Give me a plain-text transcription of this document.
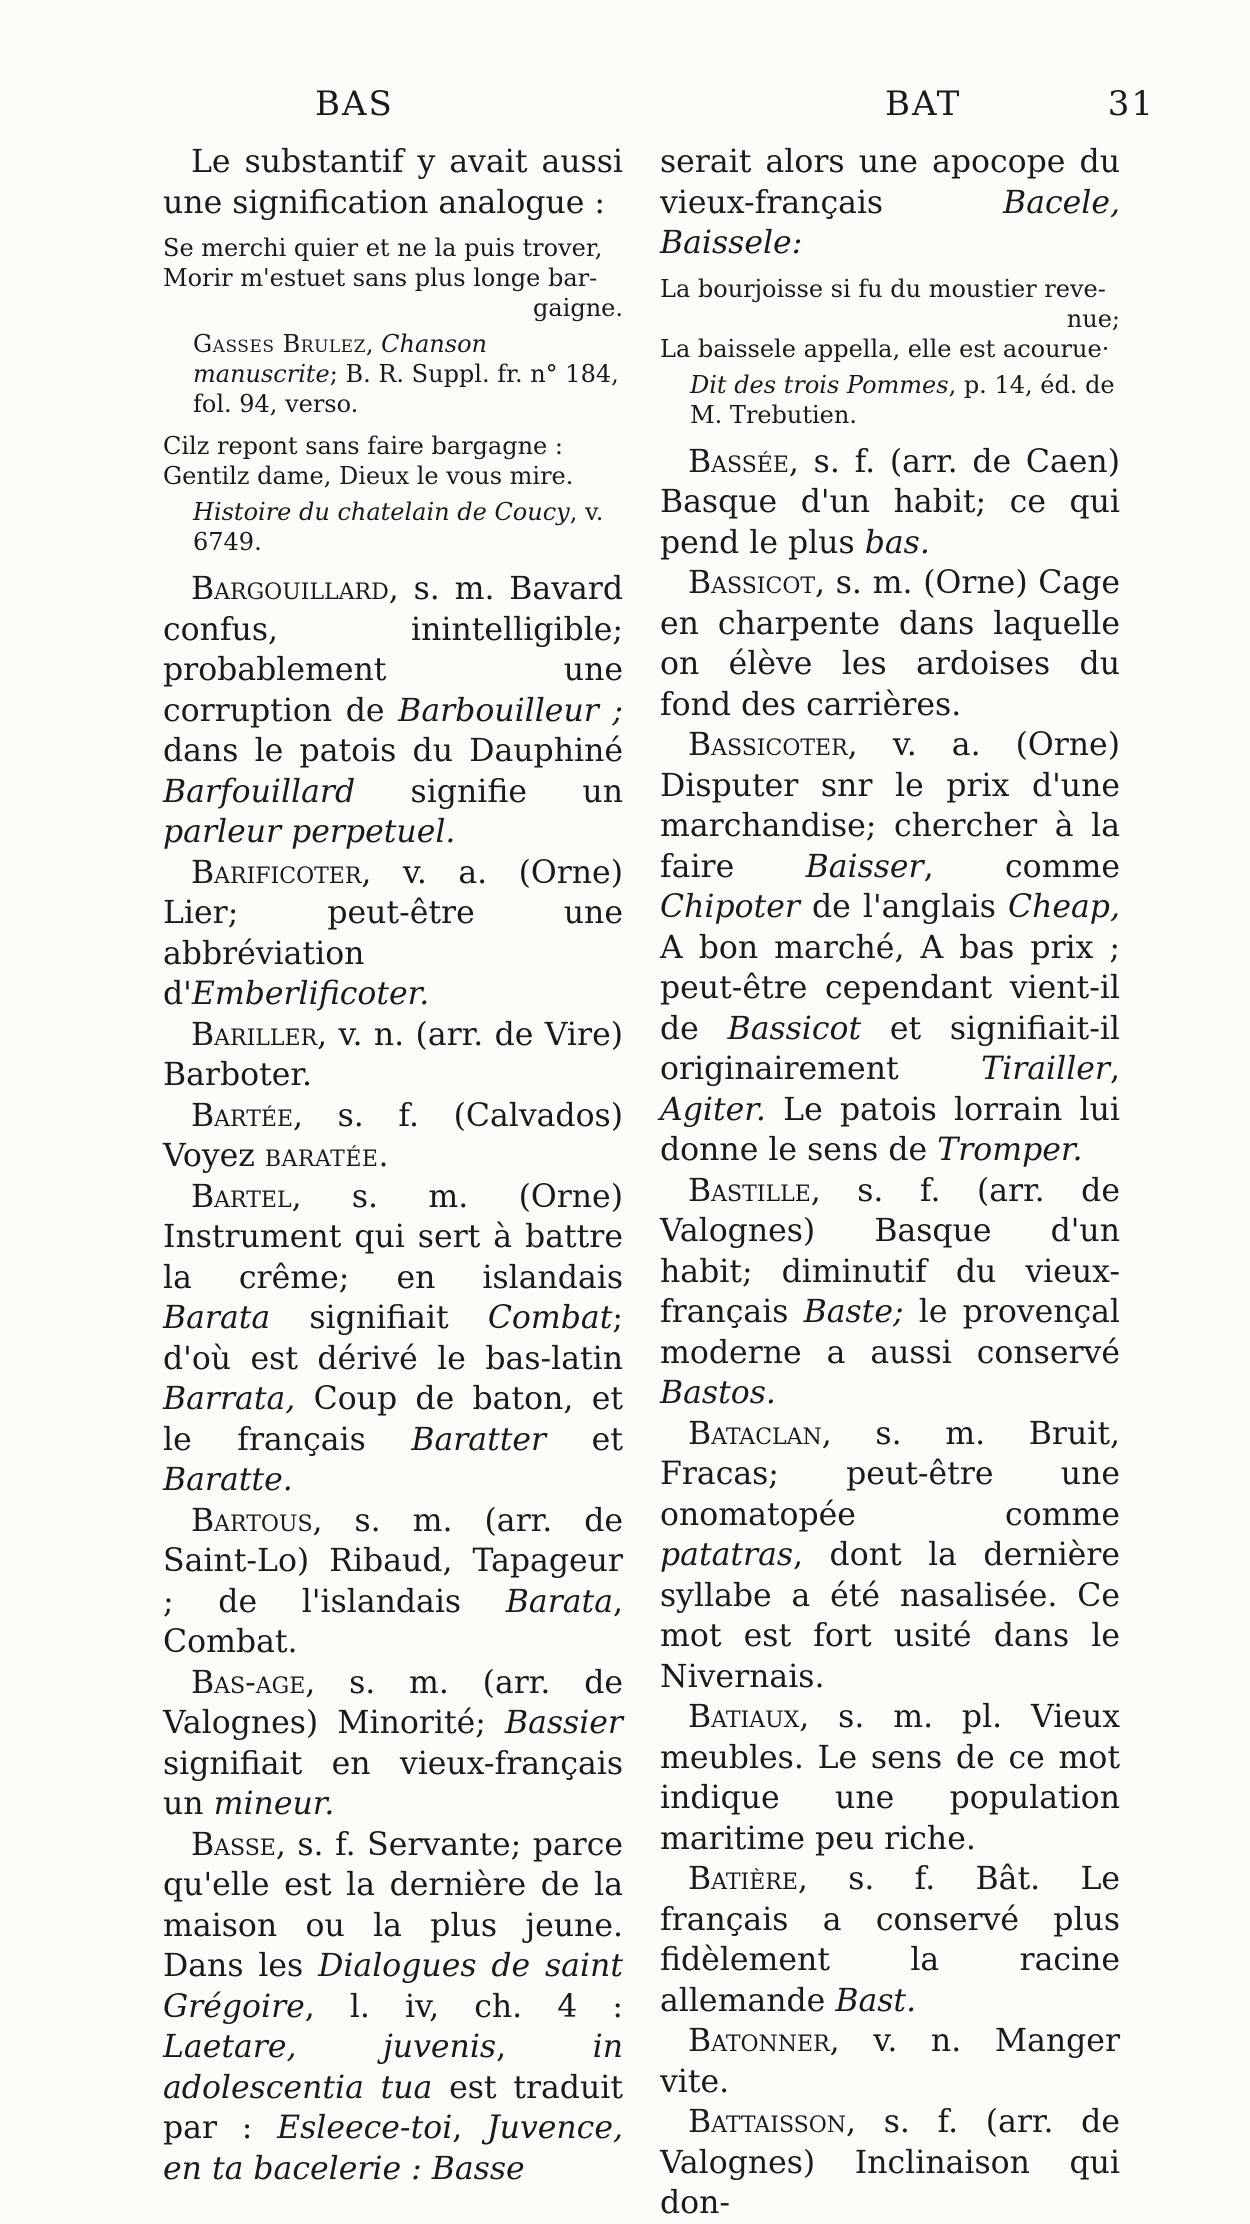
BAS	BAT	31

Le substantif y avait aussi une signification analogue :

Se merchi quier et ne la puis trover,
Morir m'estuet sans plus longe bar-
gaigne.
Gasses Brulez, Chanson manuscrite; B. R. Suppl. fr. n° 184, fol. 94, verso.
Cilz repont sans faire bargagne :
Gentilz dame, Dieux le vous mire.
Histoire du chatelain de Coucy, v. 6749.

Bargouillard, s. m. Bavard confus, inintelligible; probablement une corruption de Barbouilleur ; dans le patois du Dauphiné Barfouillard signifie un parleur perpetuel.

Barificoter, v. a. (Orne) Lier; peut-être une abbréviation d'Emberlificoter.

Bariller, v. n. (arr. de Vire) Barboter.

Bartée, s. f. (Calvados) Voyez baratée.

Bartel, s. m. (Orne) Instrument qui sert à battre la crême; en islandais Barata signifiait Combat; d'où est dérivé le bas-latin Barrata, Coup de baton, et le français Baratter et Baratte.

Bartous, s. m. (arr. de Saint-Lo) Ribaud, Tapageur ; de l'islandais Barata, Combat.

Bas-age, s. m. (arr. de Valognes) Minorité; Bassier signifiait en vieux-français un mineur.

Basse, s. f. Servante; parce qu'elle est la dernière de la maison ou la plus jeune. Dans les Dialogues de saint Grégoire, l. iv, ch. 4 : Laetare, juvenis, in adolescentia tua est traduit par : Esleece-toi, Juvence, en ta bacelerie : Basse

serait alors une apocope du vieux-français Bacele, Baissele:

La bourjoisse si fu du moustier reve-
nue;
La baissele appella, elle est acourue·
Dit des trois Pommes, p. 14, éd. de M. Trebutien.

Bassée, s. f. (arr. de Caen) Basque d'un habit; ce qui pend le plus bas.

Bassicot, s. m. (Orne) Cage en charpente dans laquelle on élève les ardoises du fond des carrières.

Bassicoter, v. a. (Orne) Disputer snr le prix d'une marchandise; chercher à la faire Baisser, comme Chipoter de l'anglais Cheap, A bon marché, A bas prix ; peut-être cependant vient-il de Bassicot et signifiait-il originairement Tirailler, Agiter. Le patois lorrain lui donne le sens de Tromper.

Bastille, s. f. (arr. de Valognes) Basque d'un habit; diminutif du vieux-français Baste; le provençal moderne a aussi conservé Bastos.

Bataclan, s. m. Bruit, Fracas; peut-être une onomatopée comme patatras, dont la dernière syllabe a été nasalisée. Ce mot est fort usité dans le Nivernais.

Batiaux, s. m. pl. Vieux meubles. Le sens de ce mot indique une population maritime peu riche.

Batière, s. f. Bât. Le français a conservé plus fidèlement la racine allemande Bast.

Batonner, v. n. Manger vite.

Battaisson, s. f. (arr. de Valognes) Inclinaison qui don-
